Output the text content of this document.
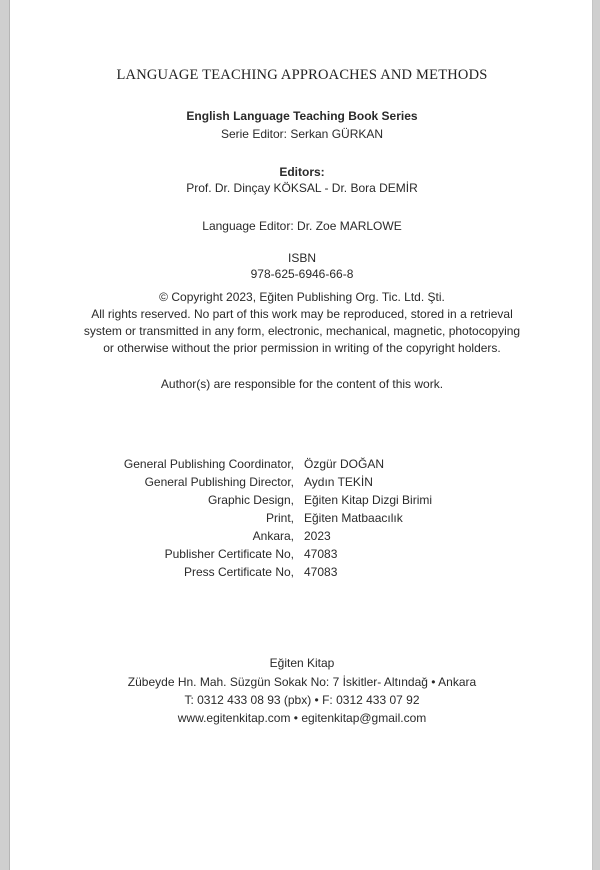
LANGUAGE TEACHING APPROACHES AND METHODS
English Language Teaching Book Series
Serie Editor: Serkan GÜRKAN
Editors:
Prof. Dr. Dinçay KÖKSAL - Dr. Bora DEMİR
Language Editor: Dr. Zoe MARLOWE
ISBN
978-625-6946-66-8
© Copyright 2023, Eğiten Publishing Org. Tic. Ltd. Şti.
All rights reserved. No part of this work may be reproduced, stored in a retrieval
system or transmitted in any form, electronic, mechanical, magnetic, photocopying
or otherwise without the prior permission in writing of the copyright holders.
Author(s) are responsible for the content of this work.
General Publishing Coordinator, Özgür DOĞAN
General Publishing Director, Aydın TEKİN
Graphic Design, Eğiten Kitap Dizgi Birimi
Print, Eğiten Matbaacılık
Ankara, 2023
Publisher Certificate No, 47083
Press Certificate No, 47083
Eğiten Kitap
Zübeyde Hn. Mah. Süzgün Sokak No: 7 İskitler- Altındağ • Ankara
T: 0312 433 08 93 (pbx) • F: 0312 433 07 92
www.egitenkitap.com • egitenkitap@gmail.com
